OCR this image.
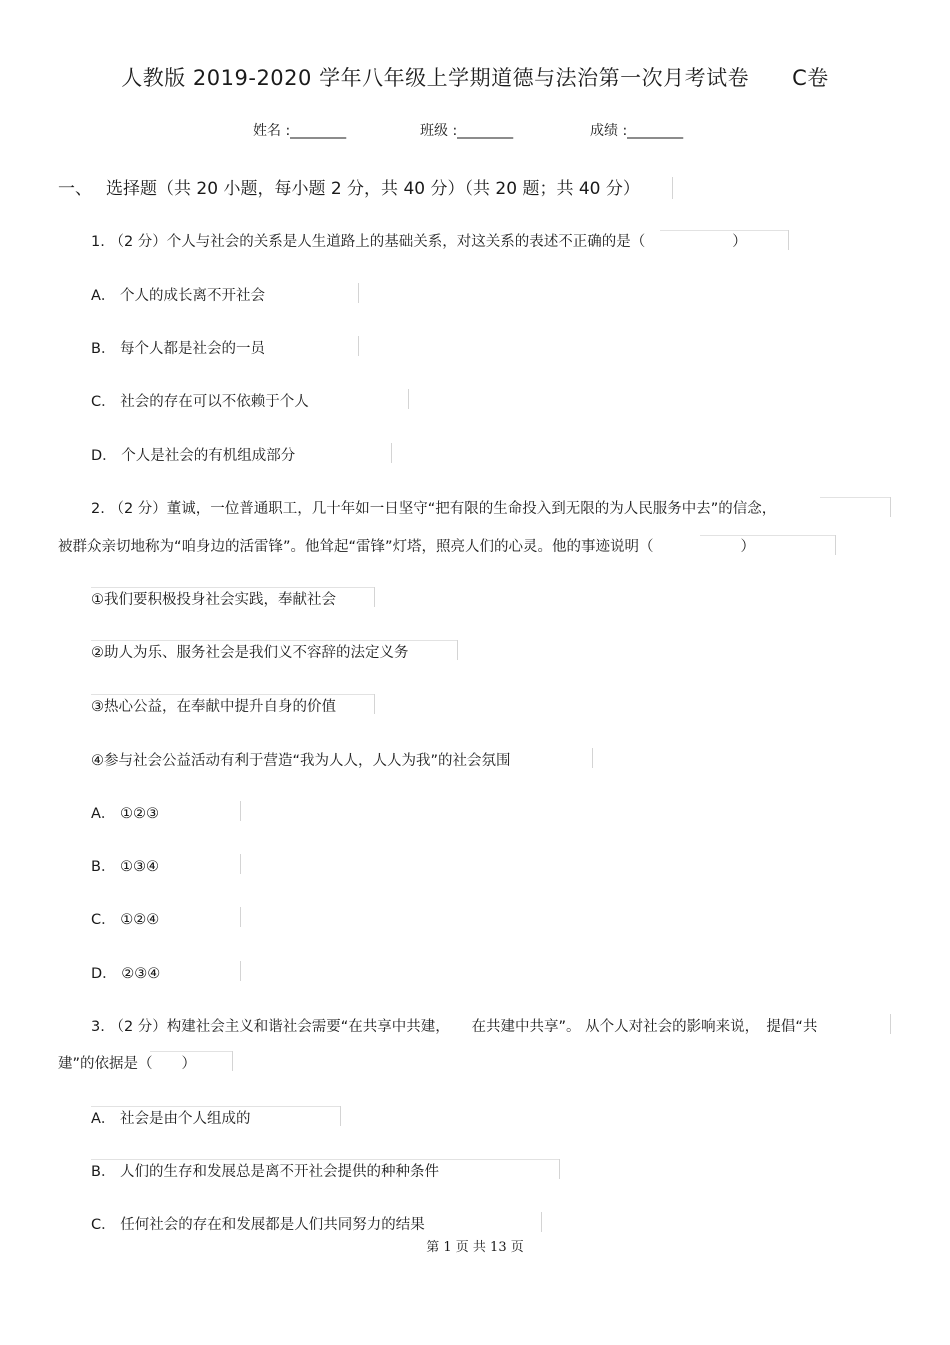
人教版 2019-2020 学年八年级上学期道德与法治第一次月考试卷　　C卷
姓名 :________	班级 :________	成绩 :________
一、 选择题（共 20 小题，每小题 2 分，共 40 分）（共 20 题；共 40 分）
1. （2 分）个人与社会的关系是人生道路上的基础关系，对这关系的表述不正确的是（　　　　　　）
A． 个人的成长离不开社会
B． 每个人都是社会的一员
C． 社会的存在可以不依赖于个人
D． 个人是社会的有机组成部分
2. （2 分）董诚，一位普通职工，几十年如一日坚守“把有限的生命投入到无限的为人民服务中去”的信念，
被群众亲切地称为“咱身边的活雷锋”。他耸起“雷锋”灯塔，照亮人们的心灵。他的事迹说明（　　　　　　）
①我们要积极投身社会实践，奉献社会
②助人为乐、服务社会是我们义不容辞的法定义务
③热心公益，在奉献中提升自身的价值
④参与社会公益活动有利于营造“我为人人，人人为我”的社会氛围
A． ①②③
B． ①③④
C． ①②④
D． ②③④
3. （2 分）构建社会主义和谐社会需要“在共享中共建，　　在共建中共享”。 从个人对社会的影响来说，　提倡“共
建”的依据是（　　）
A． 社会是由个人组成的
B． 人们的生存和发展总是离不开社会提供的种种条件
C． 任何社会的存在和发展都是人们共同努力的结果
第 1 页 共 13 页
